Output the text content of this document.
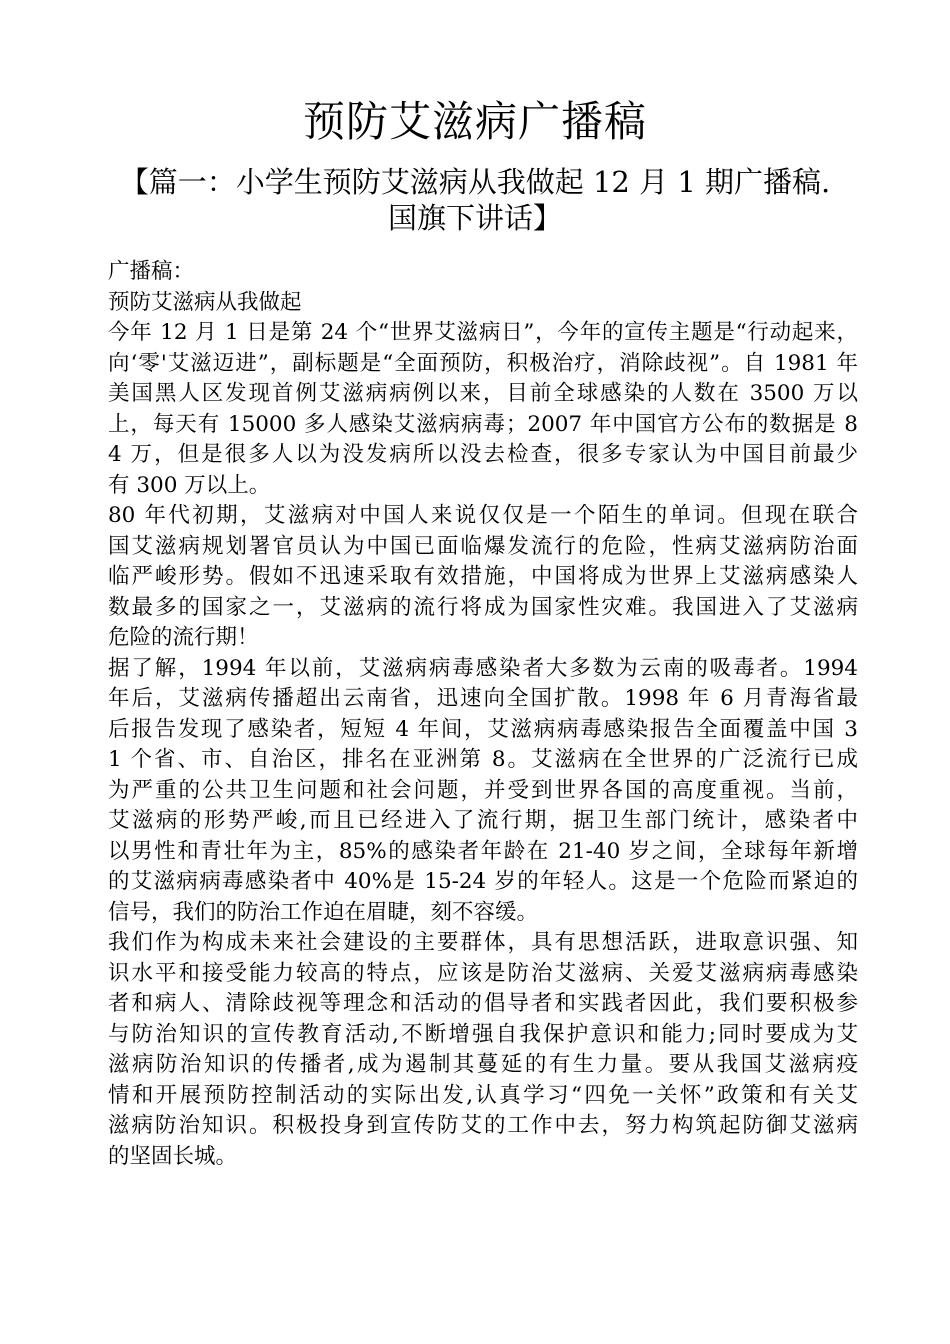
预防艾滋病广播稿
【篇一：小学生预防艾滋病从我做起 12 月 1 期广播稿.
国旗下讲话】
广播稿：
预防艾滋病从我做起
今年 12 月 1 日是第 24 个“世界艾滋病日”，今年的宣传主题是“行动起来，
向‘零'艾滋迈进”，副标题是“全面预防，积极治疗，消除歧视”。自 1981 年
美国黑人区发现首例艾滋病病例以来，目前全球感染的人数在 3500 万以
上，每天有 15000 多人感染艾滋病病毒；2007 年中国官方公布的数据是 8
4 万，但是很多人以为没发病所以没去检查，很多专家认为中国目前最少
有 300 万以上。
80 年代初期，艾滋病对中国人来说仅仅是一个陌生的单词。但现在联合
国艾滋病规划署官员认为中国已面临爆发流行的危险，性病艾滋病防治面
临严峻形势。假如不迅速采取有效措施，中国将成为世界上艾滋病感染人
数最多的国家之一，艾滋病的流行将成为国家性灾难。我国进入了艾滋病
危险的流行期！
据了解，1994 年以前，艾滋病病毒感染者大多数为云南的吸毒者。1994
年后，艾滋病传播超出云南省，迅速向全国扩散。1998 年 6 月青海省最
后报告发现了感染者，短短 4 年间，艾滋病病毒感染报告全面覆盖中国 3
1 个省、市、自治区，排名在亚洲第 8。艾滋病在全世界的广泛流行已成
为严重的公共卫生问题和社会问题，并受到世界各国的高度重视。当前，
艾滋病的形势严峻,而且已经进入了流行期，据卫生部门统计，感染者中
以男性和青壮年为主，85%的感染者年龄在 21-40 岁之间，全球每年新增
的艾滋病病毒感染者中 40%是 15-24 岁的年轻人。这是一个危险而紧迫的
信号，我们的防治工作迫在眉睫，刻不容缓。
我们作为构成未来社会建设的主要群体，具有思想活跃，进取意识强、知
识水平和接受能力较高的特点，应该是防治艾滋病、关爱艾滋病病毒感染
者和病人、清除歧视等理念和活动的倡导者和实践者因此，我们要积极参
与防治知识的宣传教育活动,不断增强自我保护意识和能力;同时要成为艾
滋病防治知识的传播者,成为遏制其蔓延的有生力量。要从我国艾滋病疫
情和开展预防控制活动的实际出发,认真学习“四免一关怀”政策和有关艾
滋病防治知识。积极投身到宣传防艾的工作中去，努力构筑起防御艾滋病
的坚固长城。
